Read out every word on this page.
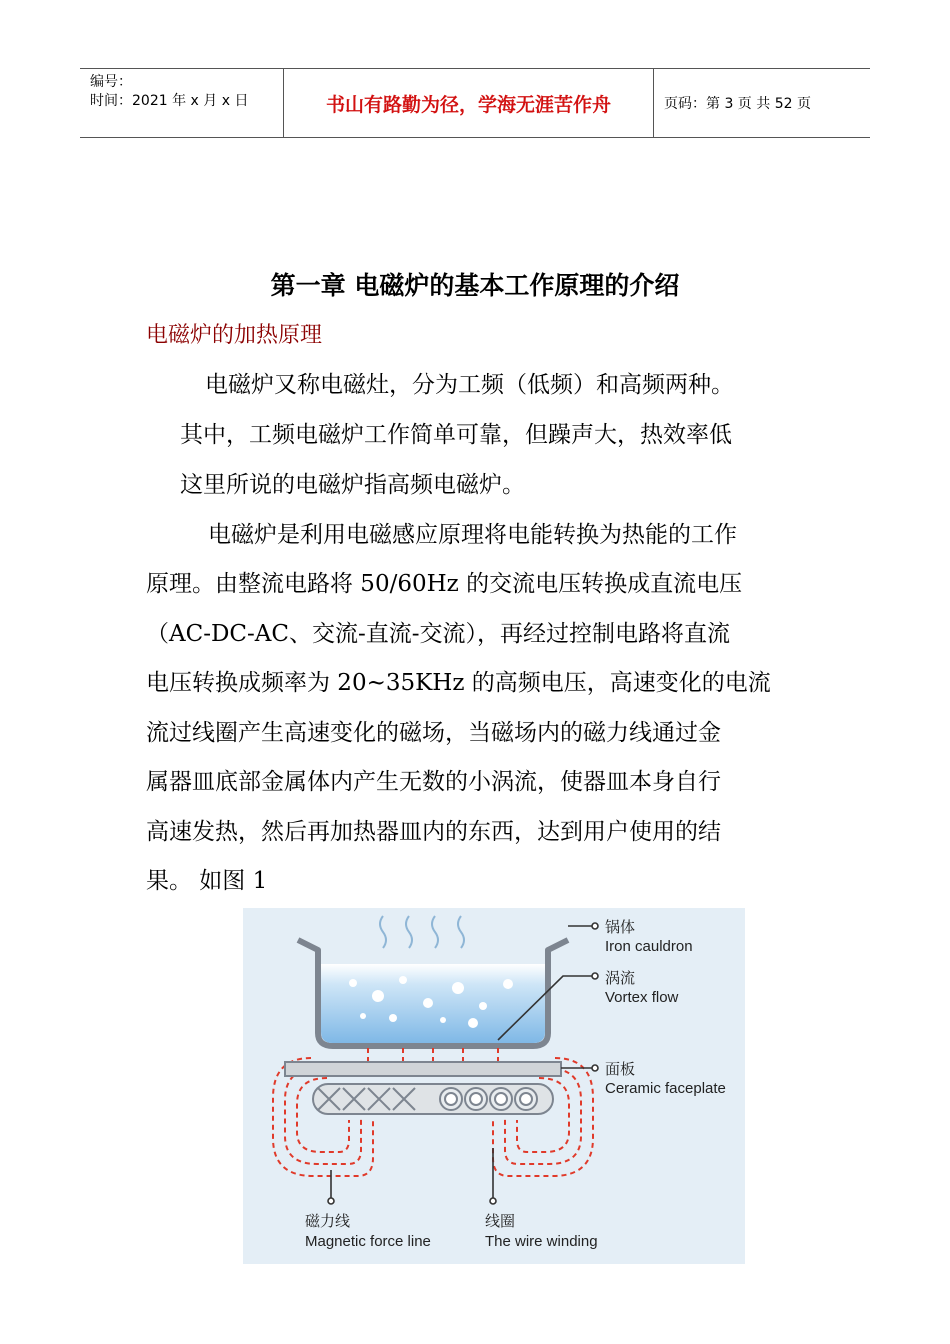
编号：
时间：2021 年 x 月 x 日	书山有路勤为径，学海无涯苦作舟	页码：第 3 页 共 52 页
第一章 电磁炉的基本工作原理的介绍
电磁炉的加热原理
电磁炉又称电磁灶，分为工频（低频）和高频两种。
其中，工频电磁炉工作简单可靠，但躁声大，热效率低
这里所说的电磁炉指高频电磁炉。
电磁炉是利用电磁感应原理将电能转换为热能的工作
原理。由整流电路将 50/60Hz 的交流电压转换成直流电压
（AC-DC-AC、交流-直流-交流），再经过控制电路将直流
电压转换成频率为 20~35KHz 的高频电压，高速变化的电流
流过线圈产生高速变化的磁场，当磁场内的磁力线通过金
属器皿底部金属体内产生无数的小涡流，使器皿本身自行
高速发热，然后再加热器皿内的东西，达到用户使用的结
果。 如图 1
锅体
Iron cauldron
涡流
Vortex flow
面板
Ceramic faceplate
磁力线
Magnetic force line
线圈
The wire winding
